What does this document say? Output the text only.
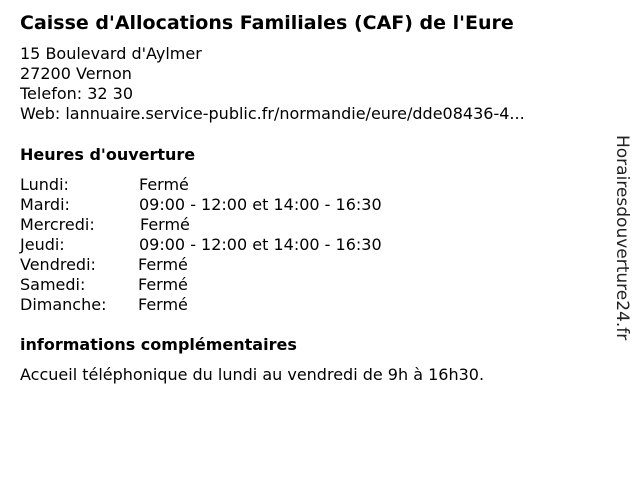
Caisse d'Allocations Familiales (CAF) de l'Eure
15 Boulevard d'Aylmer
27200 Vernon
Telefon: 32 30
Web: lannuaire.service-public.fr/normandie/eure/dde08436-4...
Heures d'ouverture
Lundi:	Fermé
Mardi:	09:00 - 12:00 et 14:00 - 16:30
Mercredi:	Fermé
Jeudi:	09:00 - 12:00 et 14:00 - 16:30
Vendredi:	Fermé
Samedi:	Fermé
Dimanche: Fermé
informations complémentaires
Accueil téléphonique du lundi au vendredi de 9h à 16h30.
Horairesdouverture24.fr
